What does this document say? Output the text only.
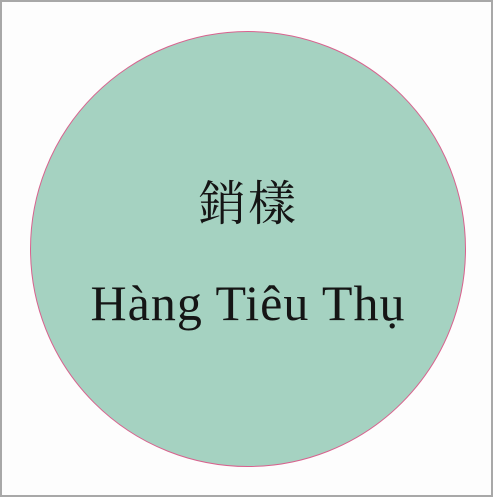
銷樣
Hàng Tiêu Thụ
